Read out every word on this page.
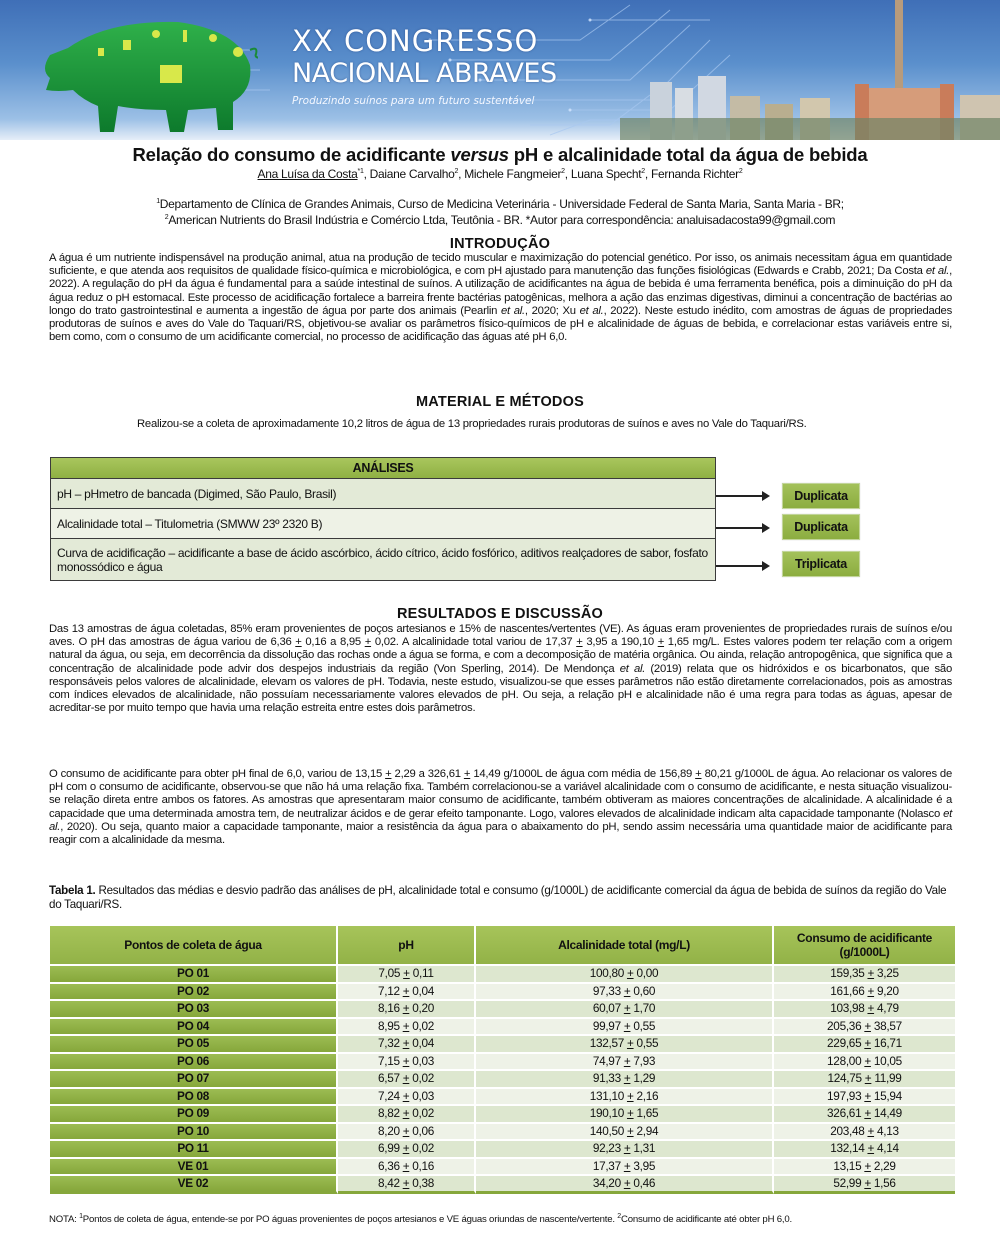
XX CONGRESSO
NACIONAL ABRAVES
Produzindo suínos para um futuro sustentável
Relação do consumo de acidificante versus pH e alcalinidade total da água de bebida
Ana Luísa da Costa$^{*1}$, Daiane Carvalho$^2$, Michele Fangmeier$^2$, Luana Specht$^2$, Fernanda Richter$^2$
$^1$Departamento de Clínica de Grandes Animais, Curso de Medicina Veterinária - Universidade Federal de Santa Maria, Santa Maria - BR;
$^2$American Nutrients do Brasil Indústria e Comércio Ltda, Teutônia - BR. *Autor para correspondência: analuisadacosta99@gmail.com
INTRODUÇÃO
A água é um nutriente indispensável na produção animal, atua na produção de tecido muscular e maximização do potencial genético. Por isso, os animais necessitam água em quantidade suficiente, e que atenda aos requisitos de qualidade físico-química e microbiológica, e com pH ajustado para manutenção das funções fisiológicas (Edwards e Crabb, 2021; Da Costa et al., 2022). A regulação do pH da água é fundamental para a saúde intestinal de suínos. A utilização de acidificantes na água de bebida é uma ferramenta benéfica, pois a diminuição do pH da água reduz o pH estomacal. Este processo de acidificação fortalece a barreira frente bactérias patogênicas, melhora a ação das enzimas digestivas, diminui a concentração de bactérias ao longo do trato gastrointestinal e aumenta a ingestão de água por parte dos animais (Pearlin et al., 2020; Xu et al., 2022). Neste estudo inédito, com amostras de águas de propriedades produtoras de suínos e aves do Vale do Taquari/RS, objetivou-se avaliar os parâmetros físico-químicos de pH e alcalinidade de águas de bebida, e correlacionar estas variáveis entre si, bem como, com o consumo de um acidificante comercial, no processo de acidificação das águas até pH 6,0.
MATERIAL E MÉTODOS
Realizou-se a coleta de aproximadamente 10,2 litros de água de 13 propriedades rurais produtoras de suínos e aves no Vale do Taquari/RS.
ANÁLISES
pH – pHmetro de bancada (Digimed, São Paulo, Brasil)
Alcalinidade total – Titulometria (SMWW 23º 2320 B)
Curva de acidificação – acidificante a base de ácido ascórbico, ácido cítrico, ácido fosfórico, aditivos realçadores de sabor, fosfato monossódico e água
Duplicata
Duplicata
Triplicata
RESULTADOS E DISCUSSÃO
Das 13 amostras de água coletadas, 85% eram provenientes de poços artesianos e 15% de nascentes/vertentes (VE). As águas eram provenientes de propriedades rurais de suínos e/ou aves. O pH das amostras de água variou de 6,36 + 0,16 a 8,95 + 0,02. A alcalinidade total variou de 17,37 + 3,95 a 190,10 + 1,65 mg/L. Estes valores podem ter relação com a origem natural da água, ou seja, em decorrência da dissolução das rochas onde a água se forma, e com a decomposição de matéria orgânica. Ou ainda, relação antropogênica, que significa que a concentração de alcalinidade pode advir dos despejos industriais da região (Von Sperling, 2014). De Mendonça et al. (2019) relata que os hidróxidos e os bicarbonatos, que são responsáveis pelos valores de alcalinidade, elevam os valores de pH. Todavia, neste estudo, visualizou-se que esses parâmetros não estão diretamente correlacionados, pois as amostras com índices elevados de alcalinidade, não possuíam necessariamente valores elevados de pH. Ou seja, a relação pH e alcalinidade não é uma regra para todas as águas, apesar de acreditar-se por muito tempo que havia uma relação estreita entre estes dois parâmetros.
O consumo de acidificante para obter pH final de 6,0, variou de 13,15 + 2,29 a 326,61 + 14,49 g/1000L de água com média de 156,89 + 80,21 g/1000L de água. Ao relacionar os valores de pH com o consumo de acidificante, observou-se que não há uma relação fixa. Também correlacionou-se a variável alcalinidade com o consumo de acidificante, e nesta situação visualizou-se relação direta entre ambos os fatores. As amostras que apresentaram maior consumo de acidificante, também obtiveram as maiores concentrações de alcalinidade. A alcalinidade é a capacidade que uma determinada amostra tem, de neutralizar ácidos e de gerar efeito tamponante. Logo, valores elevados de alcalinidade indicam alta capacidade tamponante (Nolasco et al., 2020). Ou seja, quanto maior a capacidade tamponante, maior a resistência da água para o abaixamento do pH, sendo assim necessária uma quantidade maior de acidificante para reagir com a alcalinidade da mesma.
Tabela 1. Resultados das médias e desvio padrão das análises de pH, alcalinidade total e consumo (g/1000L) de acidificante comercial da água de bebida de suínos da região do Vale do Taquari/RS.
Pontos de coleta de água	pH	Alcalinidade total (mg/L)	Consumo de acidificante (g/1000L)
PO 01	7,05 + 0,11	100,80 + 0,00	159,35 + 3,25
PO 02	7,12 + 0,04	97,33 + 0,60	161,66 + 9,20
PO 03	8,16 + 0,20	60,07 + 1,70	103,98 + 4,79
PO 04	8,95 + 0,02	99,97 + 0,55	205,36 + 38,57
PO 05	7,32 + 0,04	132,57 + 0,55	229,65 + 16,71
PO 06	7,15 + 0,03	74,97 + 7,93	128,00 + 10,05
PO 07	6,57 + 0,02	91,33 + 1,29	124,75 + 11,99
PO 08	7,24 + 0,03	131,10 + 2,16	197,93 + 15,94
PO 09	8,82 + 0,02	190,10 + 1,65	326,61 + 14,49
PO 10	8,20 + 0,06	140,50 + 2,94	203,48 + 4,13
PO 11	6,99 + 0,02	92,23 + 1,31	132,14 + 4,14
VE 01	6,36 + 0,16	17,37 + 3,95	13,15 + 2,29
VE 02	8,42 + 0,38	34,20 + 0,46	52,99 + 1,56
NOTA: $^1$Pontos de coleta de água, entende-se por PO águas provenientes de poços artesianos e VE águas oriundas de nascente/vertente. $^2$Consumo de acidificante até obter pH 6,0.
